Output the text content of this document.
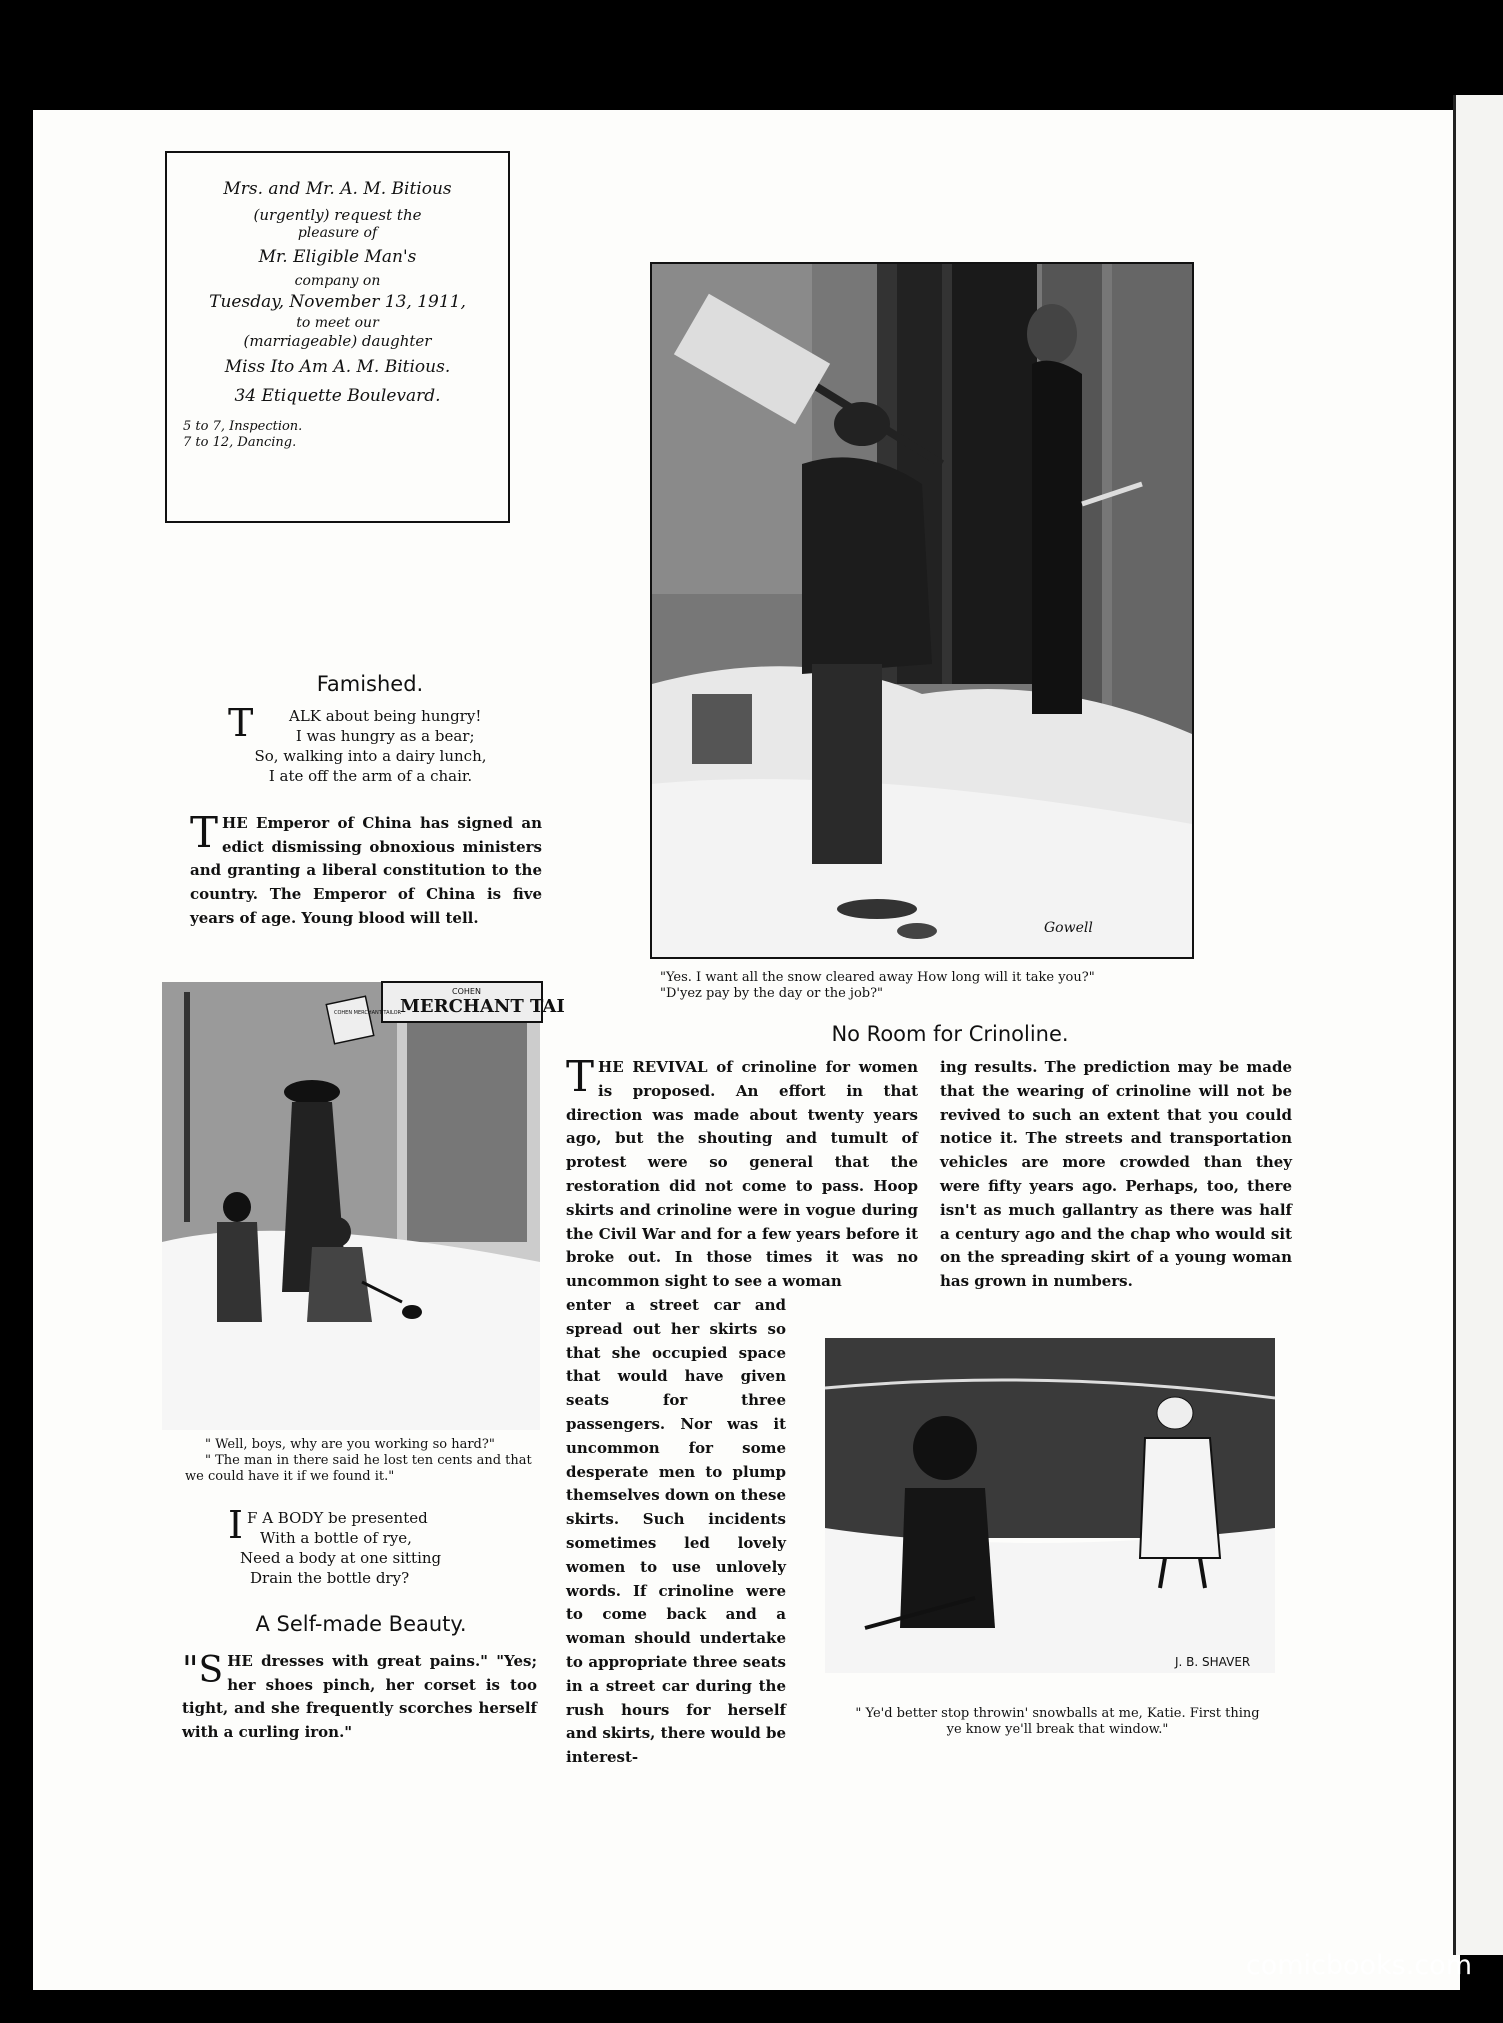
Mrs. and Mr. A. M. Bitious
(urgently) request the
pleasure of
Mr. Eligible Man's
company on
Tuesday, November 13, 1911,
to meet our
(marriageable) daughter
Miss Ito Am A. M. Bitious.
34 Etiquette Boulevard.
5 to 7, Inspection.
7 to 12, Dancing.
Famished.
T ALK about being hungry!
I was hungry as a bear;
So, walking into a dairy lunch,
I ate off the arm of a chair.
THE Emperor of China has signed an edict dismissing obnoxious ministers and granting a liberal constitution to the country. The Emperor of China is five years of age. Young blood will tell.
Gowell
"Yes. I want all the snow cleared away How long will it take you?"
"D'yez pay by the day or the job?"
MERCHANT TAI
COHEN
COHEN MERCHANT TAILOR
" Well, boys, why are you working so hard?"
" The man in there said he lost ten cents and that we could have it if we found it."
I F A BODY be presented
With a bottle of rye,
Need a body at one sitting
Drain the bottle dry?
A Self-made Beauty.
"SHE dresses with great pains." "Yes; her shoes pinch, her corset is too tight, and she frequently scorches herself with a curling iron."
No Room for Crinoline.
THE REVIVAL of crinoline for women is proposed. An effort in that direction was made about twenty years ago, but the shouting and tumult of protest were so general that the restoration did not come to pass. Hoop skirts and crinoline were in vogue during the Civil War and for a few years before it broke out. In those times it was no uncommon sight to see a woman
enter a street car and spread out her skirts so that she occupied space that would have given seats for three passengers. Nor was it uncommon for some desperate men to plump themselves down on these skirts. Such incidents sometimes led lovely women to use unlovely words. If crinoline were to come back and a woman should undertake to appropriate three seats in a street car during the rush hours for herself and skirts, there would be interest-
ing results. The prediction may be made that the wearing of crinoline will not be revived to such an extent that you could notice it. The streets and transportation vehicles are more crowded than they were fifty years ago. Perhaps, too, there isn't as much gallantry as there was half a century ago and the chap who would sit on the spreading skirt of a young woman has grown in numbers.
J. B. SHAVER
" Ye'd better stop throwin' snowballs at me, Katie. First thing
ye know ye'll break that window."
comicbooks.com
